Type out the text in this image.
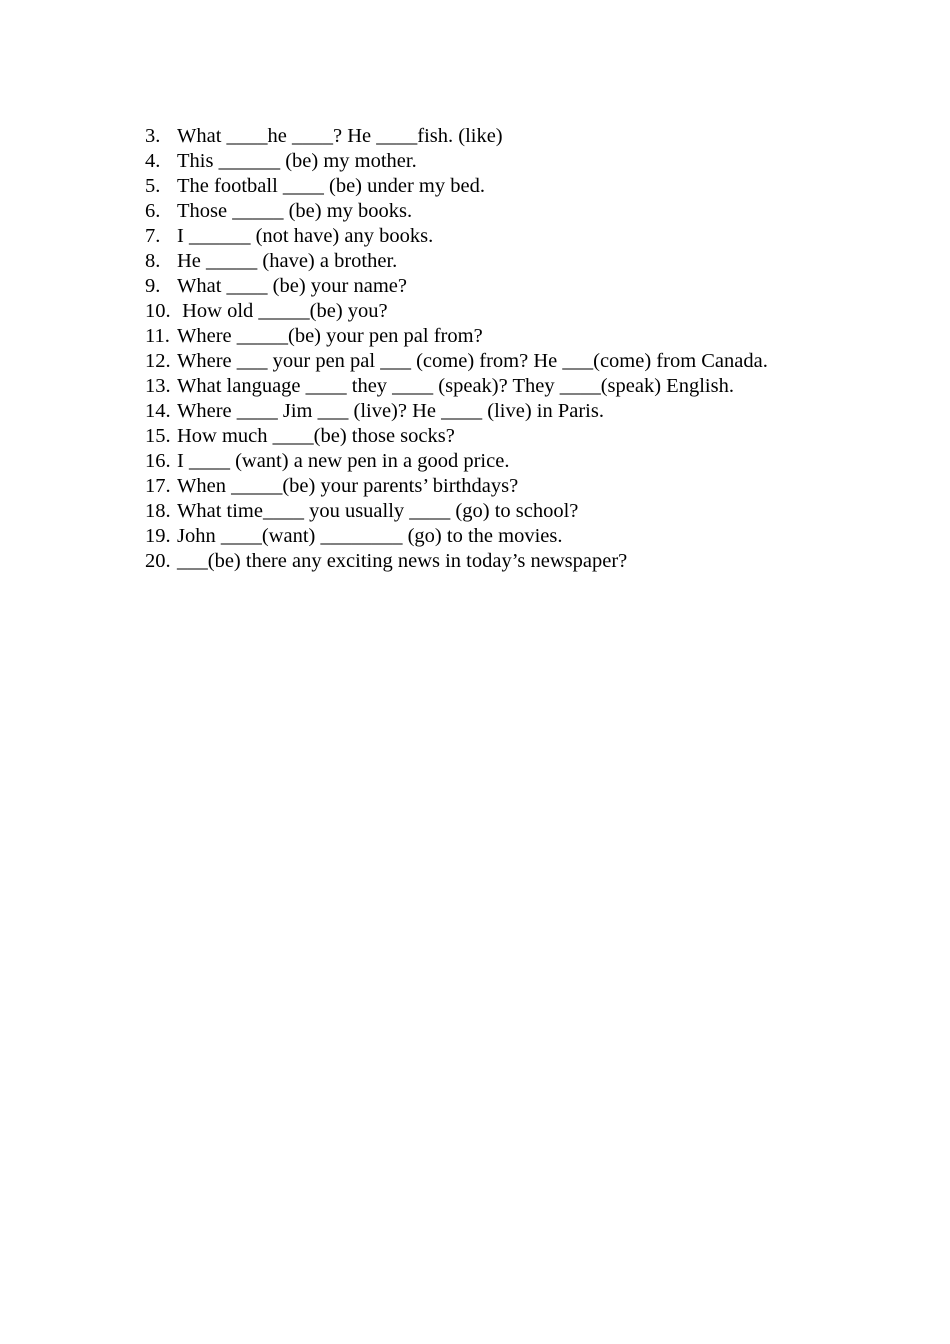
3. What ____he ____? He ____fish. (like)
4. This ______ (be) my mother.
5. The football ____ (be) under my bed.
6. Those _____ (be) my books.
7. I ______ (not have) any books.
8. He _____ (have) a brother.
9. What ____ (be) your name?
10. How old _____(be) you?
11. Where _____(be) your pen pal from?
12. Where ___ your pen pal ___ (come) from? He ___(come) from Canada.
13. What language ____ they ____ (speak)? They ____(speak) English.
14. Where ____ Jim ___ (live)? He ____ (live) in Paris.
15. How much ____(be) those socks?
16. I ____ (want) a new pen in a good price.
17. When _____(be) your parents’ birthdays?
18. What time____ you usually ____ (go) to school?
19. John ____(want) ________ (go) to the movies.
20. ___(be) there any exciting news in today’s newspaper?
